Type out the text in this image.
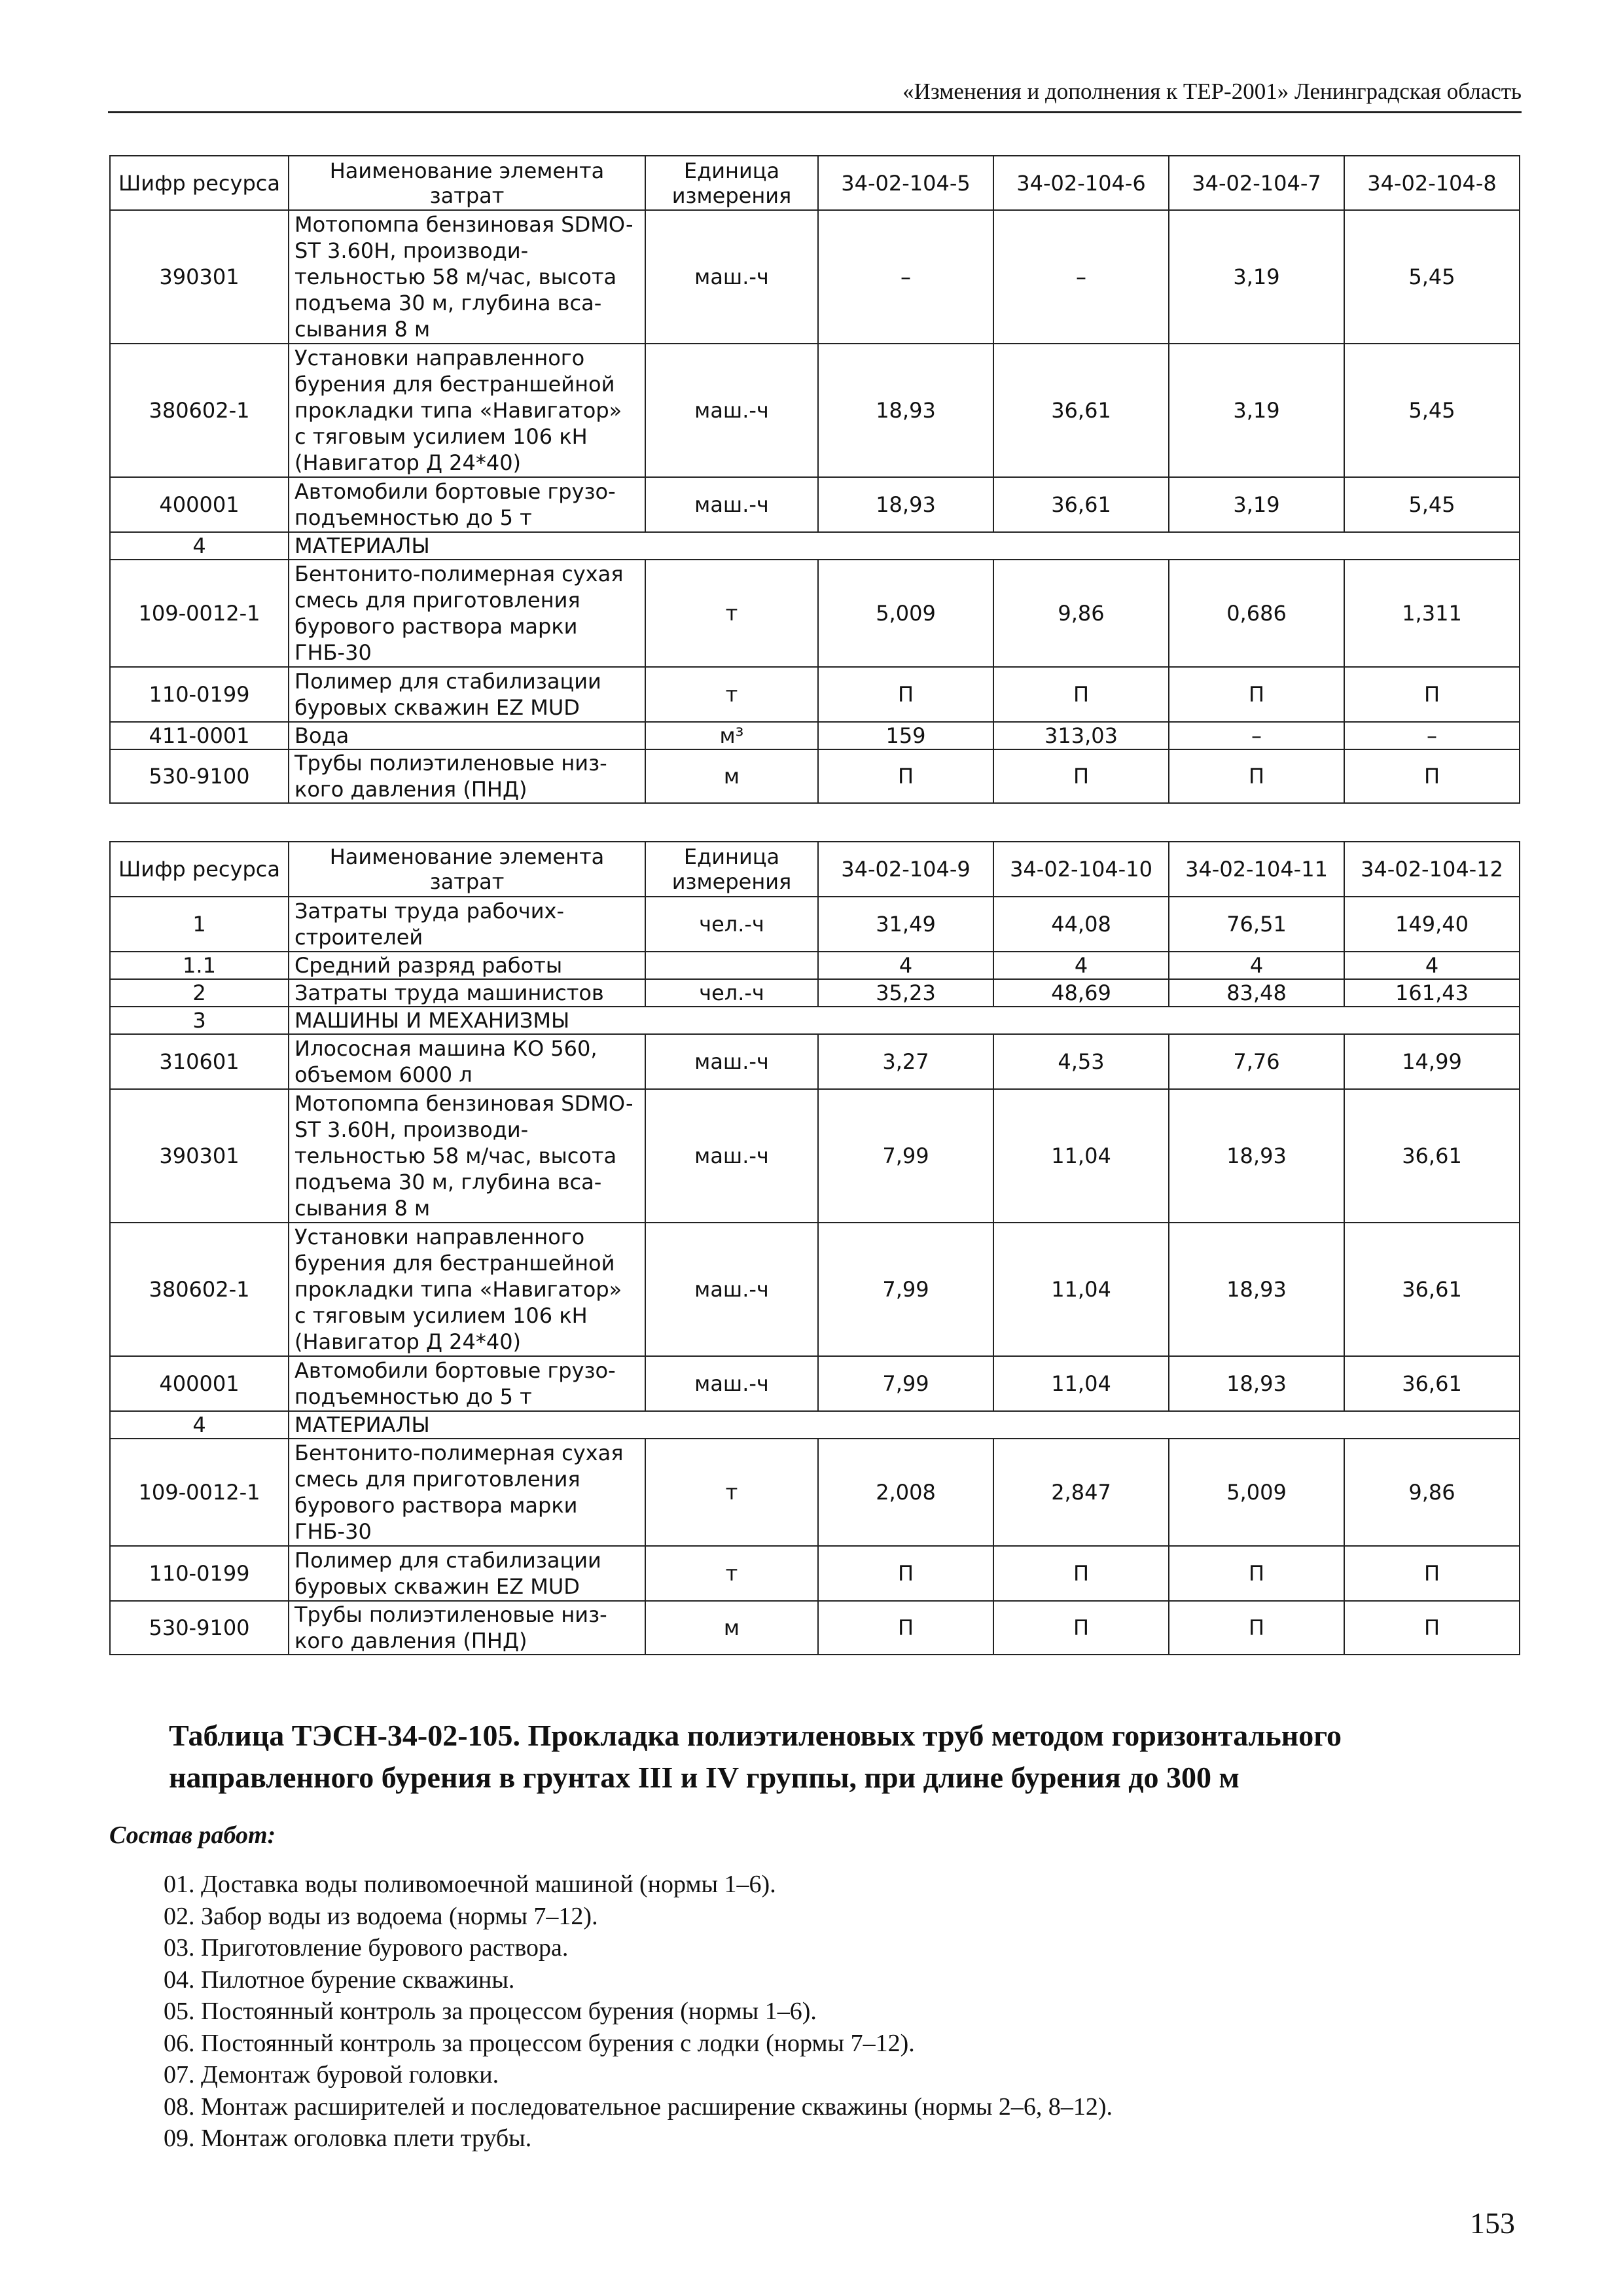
«Изменения и дополнения к ТЕР-2001» Ленинградская область
Шифр ресурса	Наименование элемента затрат	Единица измерения	34-02-104-5	34-02-104-6	34-02-104-7	34-02-104-8
390301	Мотопомпа бензиновая SDMO-ST 3.60H, производи-тельностью 58 м/час, высота подъема 30 м, глубина вса-сывания 8 м	маш.-ч	–	–	3,19	5,45
380602-1	Установки направленного бурения для бестраншейной прокладки типа «Навигатор» с тяговым усилием 106 кН (Навигатор Д 24*40)	маш.-ч	18,93	36,61	3,19	5,45
400001	Автомобили бортовые грузо-подъемностью до 5 т	маш.-ч	18,93	36,61	3,19	5,45
4	МАТЕРИАЛЫ					
109-0012-1	Бентонито-полимерная сухая смесь для приготовления бурового раствора марки ГНБ-30	т	5,009	9,86	0,686	1,311
110-0199	Полимер для стабилизации буровых скважин EZ MUD	т	П	П	П	П
411-0001	Вода	м³	159	313,03	–	–
530-9100	Трубы полиэтиленовые низ-кого давления (ПНД)	м	П	П	П	П
Шифр ресурса	Наименование элемента затрат	Единица измерения	34-02-104-9	34-02-104-10	34-02-104-11	34-02-104-12
1	Затраты труда рабочих-строителей	чел.-ч	31,49	44,08	76,51	149,40
1.1	Средний разряд работы		4	4	4	4
2	Затраты труда машинистов	чел.-ч	35,23	48,69	83,48	161,43
3	МАШИНЫ И МЕХАНИЗМЫ					
310601	Илососная машина КО 560, объемом 6000 л	маш.-ч	3,27	4,53	7,76	14,99
390301	Мотопомпа бензиновая SDMO-ST 3.60H, производи-тельностью 58 м/час, высота подъема 30 м, глубина вса-сывания 8 м	маш.-ч	7,99	11,04	18,93	36,61
380602-1	Установки направленного бурения для бестраншейной прокладки типа «Навигатор» с тяговым усилием 106 кН (Навигатор Д 24*40)	маш.-ч	7,99	11,04	18,93	36,61
400001	Автомобили бортовые грузо-подъемностью до 5 т	маш.-ч	7,99	11,04	18,93	36,61
4	МАТЕРИАЛЫ					
109-0012-1	Бентонито-полимерная сухая смесь для приготовления бурового раствора марки ГНБ-30	т	2,008	2,847	5,009	9,86
110-0199	Полимер для стабилизации буровых скважин EZ MUD	т	П	П	П	П
530-9100	Трубы полиэтиленовые низ-кого давления (ПНД)	м	П	П	П	П
Таблица ТЭСН-34-02-105. Прокладка полиэтиленовых труб методом горизонтального направленного бурения в грунтах III и IV группы, при длине бурения до 300 м
Состав работ:
01. Доставка воды поливомоечной машиной (нормы 1–6).
02. Забор воды из водоема (нормы 7–12).
03. Приготовление бурового раствора.
04. Пилотное бурение скважины.
05. Постоянный контроль за процессом бурения (нормы 1–6).
06. Постоянный контроль за процессом бурения с лодки (нормы 7–12).
07. Демонтаж буровой головки.
08. Монтаж расширителей и последовательное расширение скважины (нормы 2–6, 8–12).
09. Монтаж оголовка плети трубы.
153
